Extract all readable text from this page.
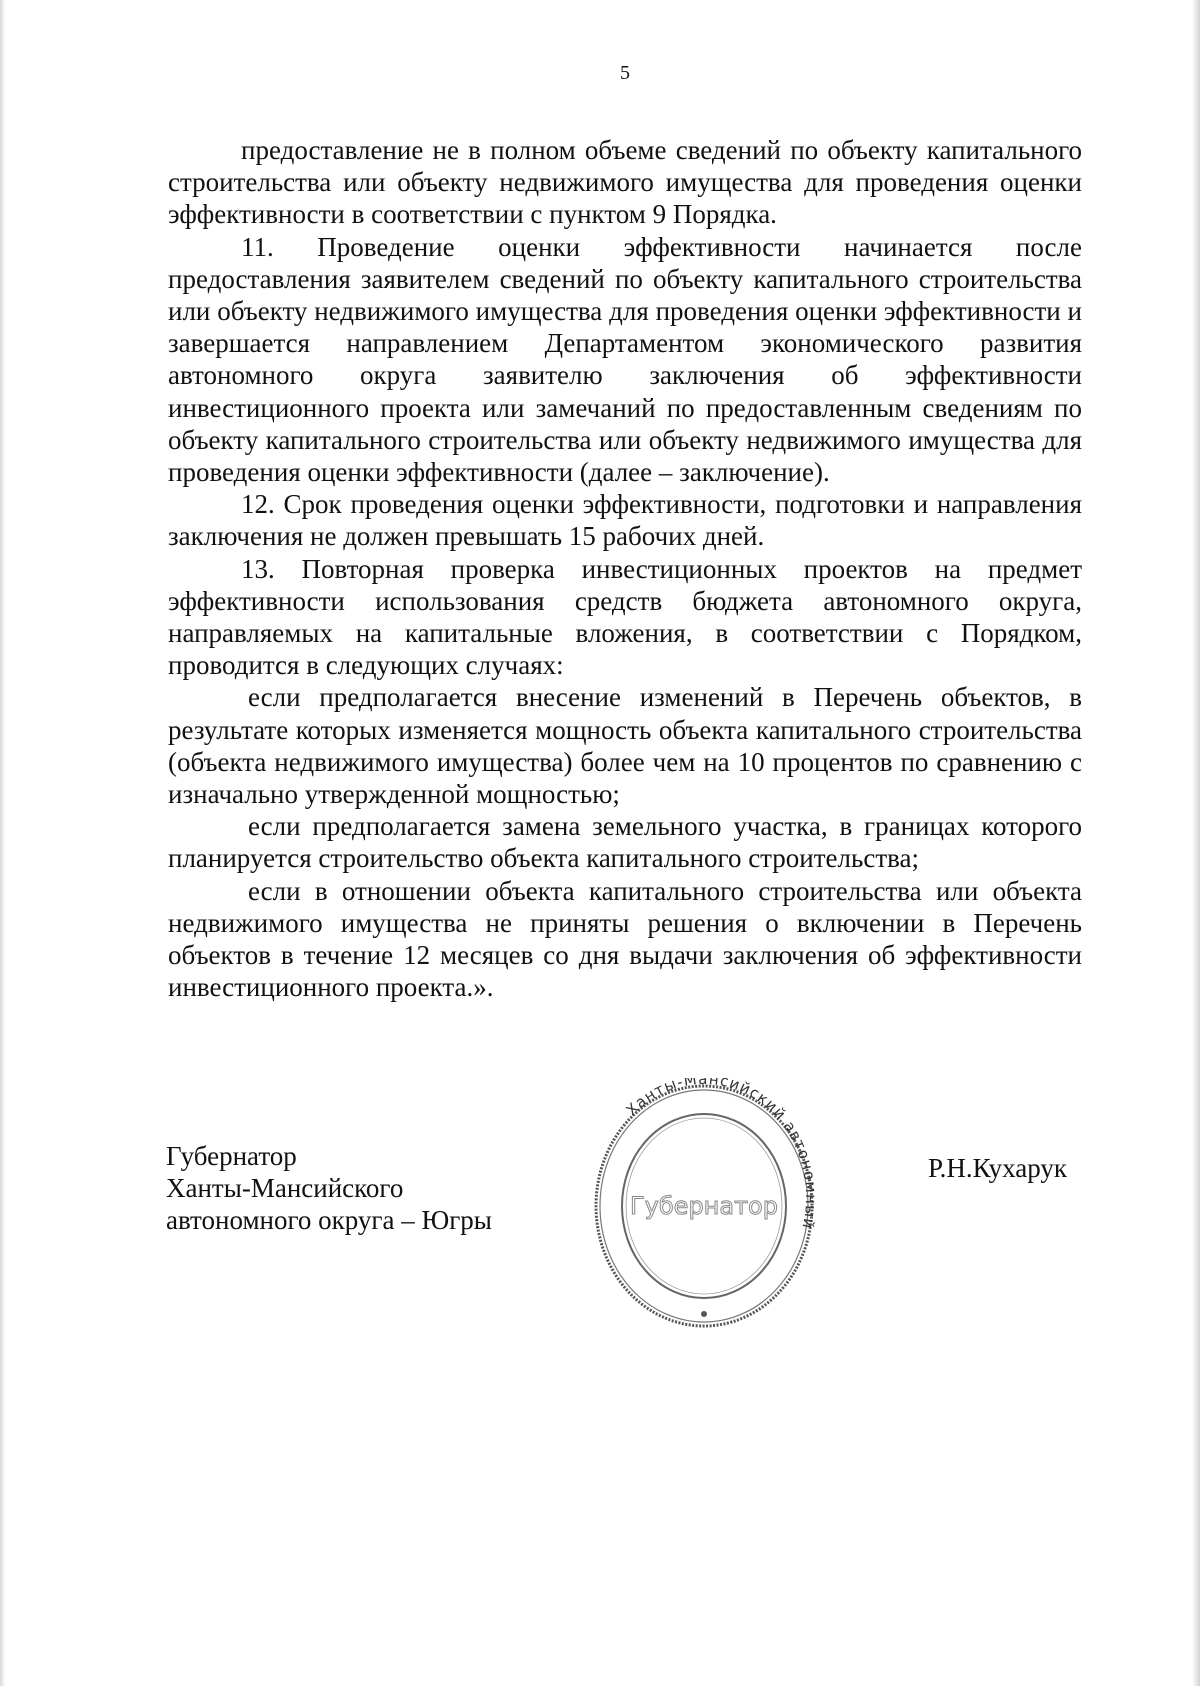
5

предоставление не в полном объеме сведений по объекту капитального строительства или объекту недвижимого имущества для проведения оценки эффективности в соответствии с пунктом 9 Порядка.

11. Проведение оценки эффективности начинается после предоставления заявителем сведений по объекту капитального строительства или объекту недвижимого имущества для проведения оценки эффективности и завершается направлением Департаментом экономического развития автономного округа заявителю заключения об эффективности инвестиционного проекта или замечаний по предоставленным сведениям по объекту капитального строительства или объекту недвижимого имущества для проведения оценки эффективности (далее – заключение).

12. Срок проведения оценки эффективности, подготовки и направления заключения не должен превышать 15 рабочих дней.

13. Повторная проверка инвестиционных проектов на предмет эффективности использования средств бюджета автономного округа, направляемых на капитальные вложения, в соответствии с Порядком, проводится в следующих случаях:

если предполагается внесение изменений в Перечень объектов, в результате которых изменяется мощность объекта капитального строительства (объекта недвижимого имущества) более чем на 10 процентов по сравнению с изначально утвержденной мощностью;

если предполагается замена земельного участка, в границах которого планируется строительство объекта капитального строительства;

если в отношении объекта капитального строительства или объекта недвижимого имущества не приняты решения о включении в Перечень объектов в течение 12 месяцев со дня выдачи заключения об эффективности инвестиционного проекта.».

Губернатор
Ханты-Мансийского
автономного округа – Югры
Ханты-Мансийский автоно ый
Губернатор
Р.Н.Кухарук
